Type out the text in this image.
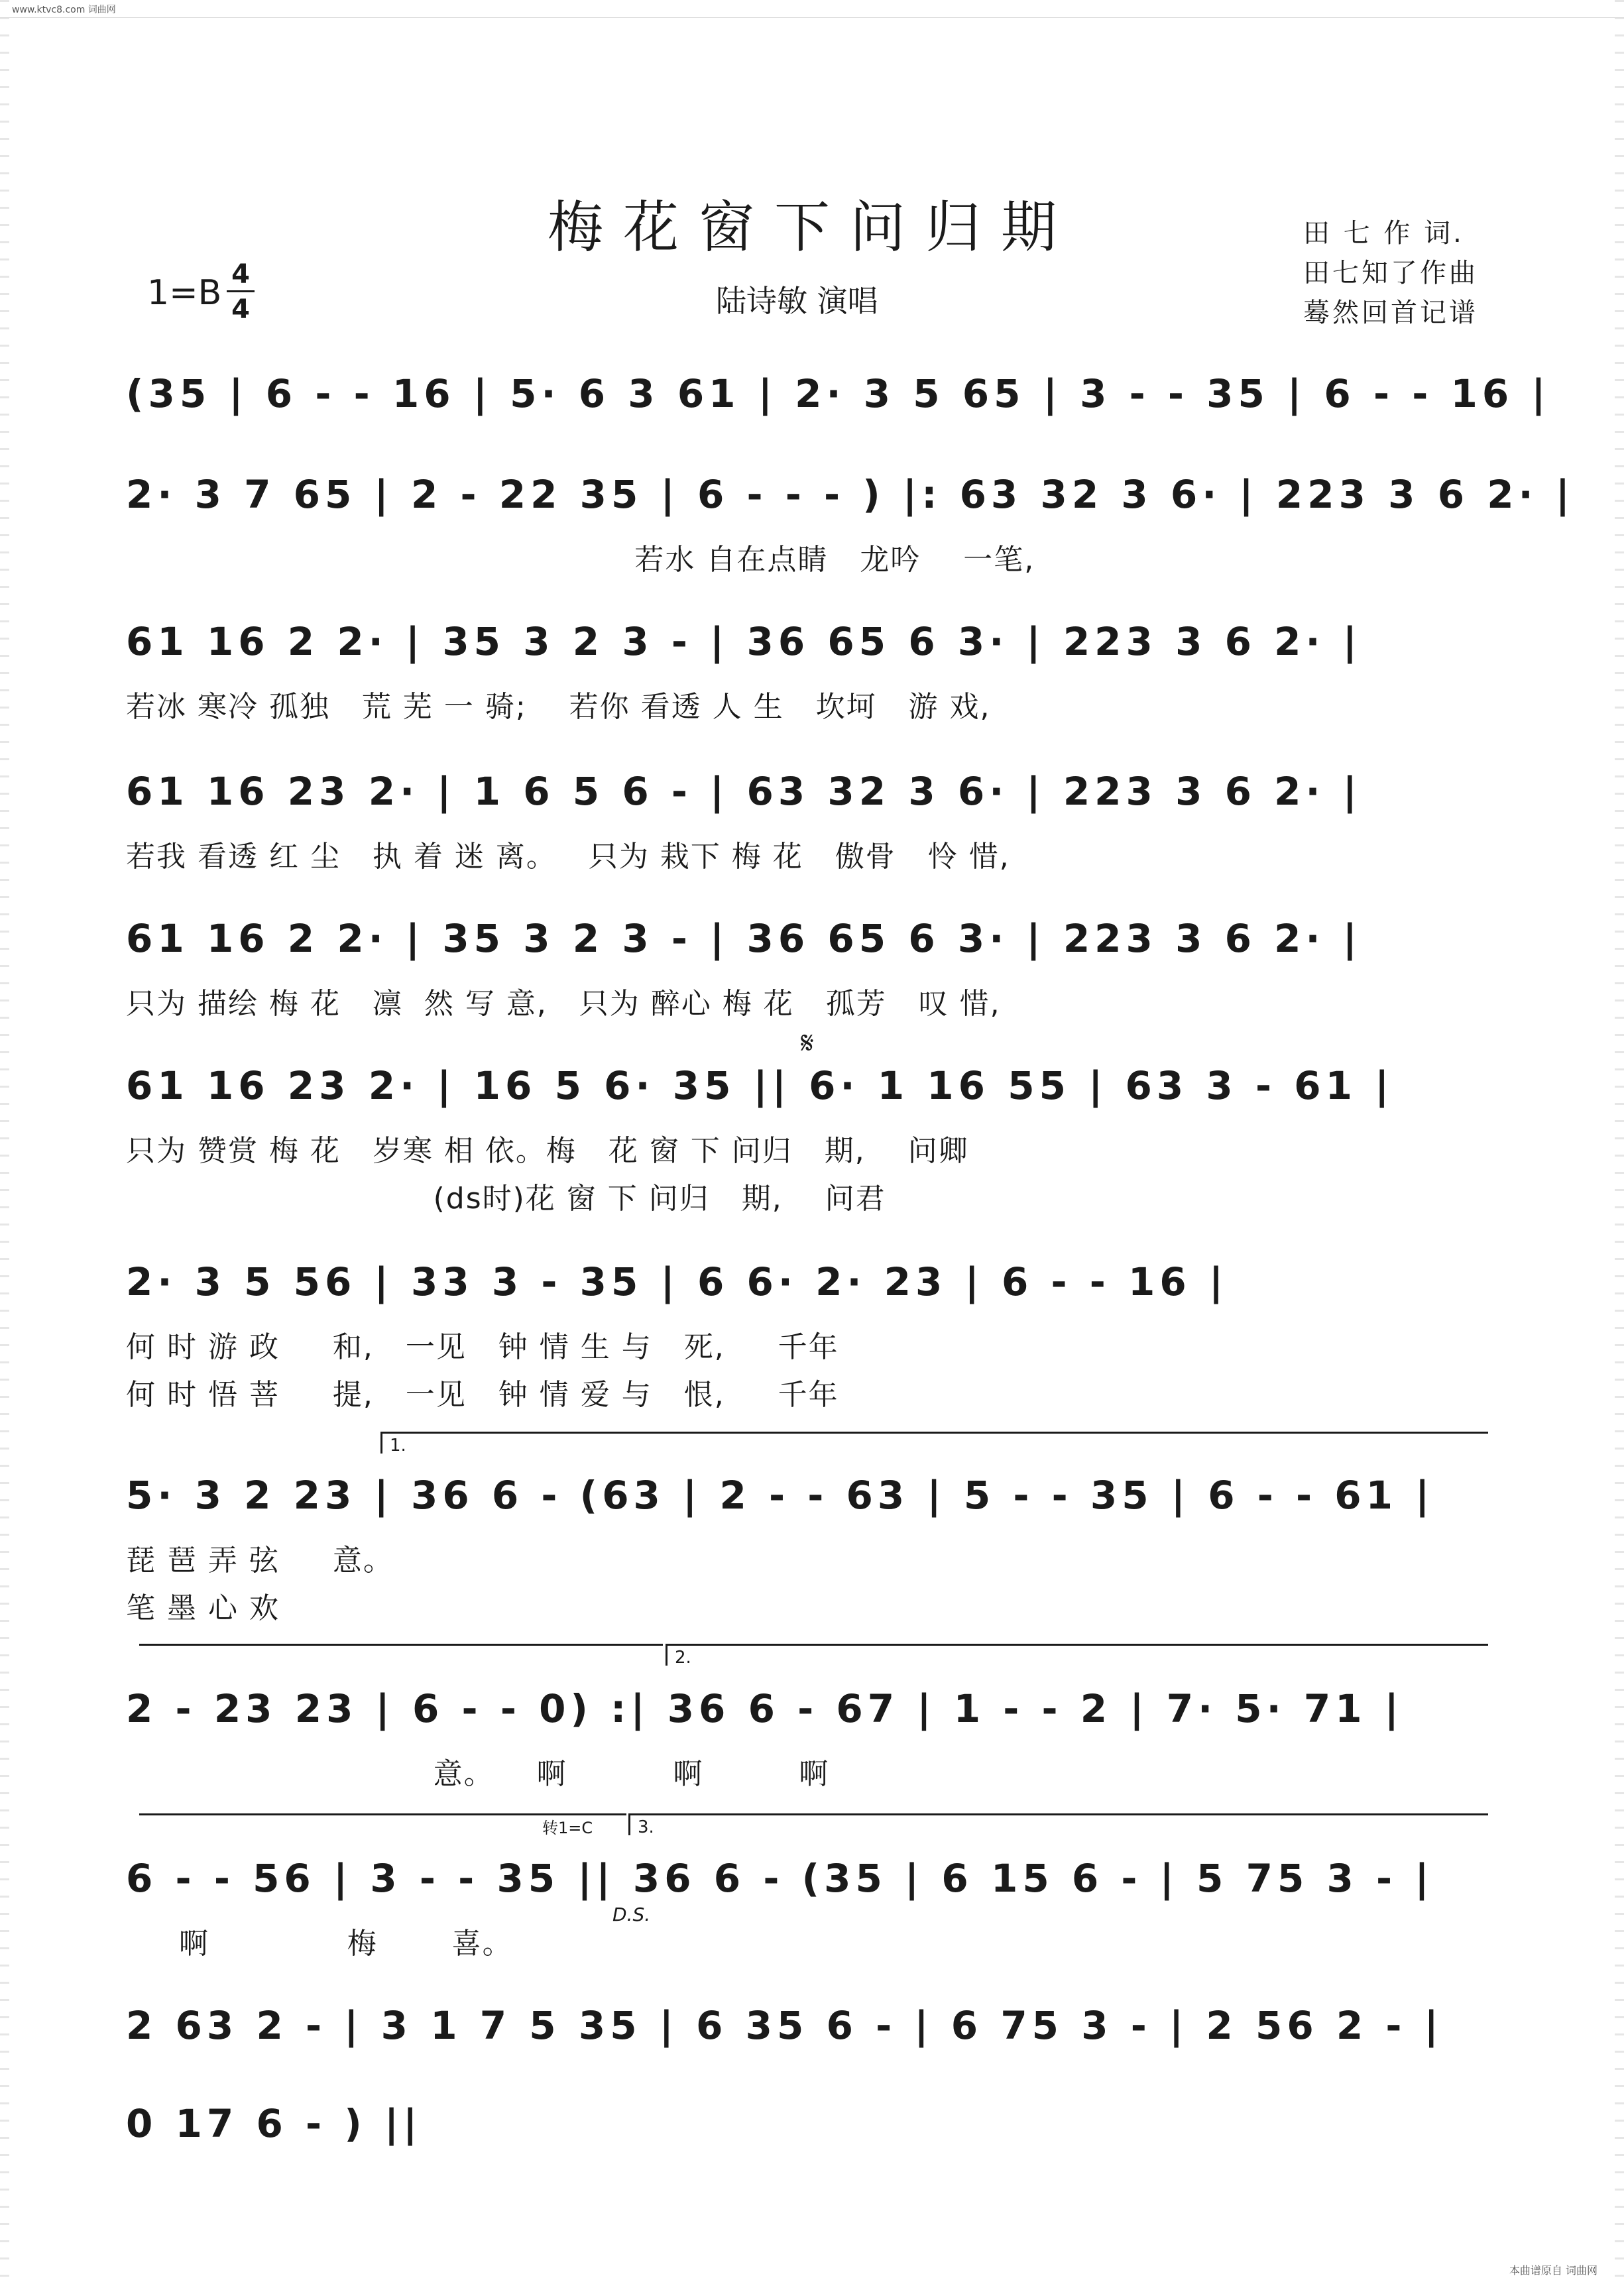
www.ktvc8.com 词曲网
梅花窗下问归期
$1=B \frac{4}{4}$	陆诗敏 演唱
田 七 作 词.
田七知了作曲
蓦然回首记谱
(35 | 6 - - 16 | 5· 6 3 61 | 2· 3 5 65 | 3 - - 35 | 6 - - 16 |
2· 3 7 65 | 2 - 22 35 | 6 - - - ) |: 63 32 3 6· | 223 3 6 2· |
若水 自在点睛   龙吟    一笔,
61 16 2 2· | 35 3 2 3 - | 36 65 6 3· | 223 3 6 2· |
若冰 寒冷 孤独   荒 芜 一 骑;    若你 看透 人 生   坎坷   游 戏,
61 16 23 2· | 1 6 5 6 - | 63 32 3 6· | 223 3 6 2· |
若我 看透 红 尘   执 着 迷 离。   只为 栽下 梅 花   傲骨   怜 惜,
61 16 2 2· | 35 3 2 3 - | 36 65 6 3· | 223 3 6 2· |
只为 描绘 梅 花   凛  然 写 意,   只为 醉心 梅 花   孤芳   叹 惜,
61 16 23 2· | 16 5 6· 35 || 6· 1 16 55 | 63 3 - 61 |
只为 赞赏 梅 花   岁寒 相 依。梅   花 窗 下 问归   期,    问卿
(ds时)花 窗 下 问归   期,    问君
𝄋
2· 3 5 56 | 33 3 - 35 | 6 6· 2· 23 | 6 - - 16 |
何 时 游 政     和,   一见   钟 情 生 与   死,     千年
何 时 悟 菩     提,   一见   钟 情 爱 与   恨,     千年
1.
5· 3 2 23 | 36 6 - (63 | 2 - - 63 | 5 - - 35 | 6 - - 61 |
琵 琶 弄 弦     意。
笔 墨 心 欢
2.
2 - 23 23 | 6 - - 0) :| 36 6 - 67 | 1 - - 2 | 7· 5· 71 |
意。    啊          啊         啊
转1=C	3.
6 - - 56 | 3 - - 35 || 36 6 - (35 | 6 15 6 - | 5 75 3 - |
啊             梅       喜。
D.S.
2 63 2 - | 3 1 7 5 35 | 6 35 6 - | 6 75 3 - | 2 56 2 - |
0 17 6 - ) ||
本曲谱原自 词曲网
